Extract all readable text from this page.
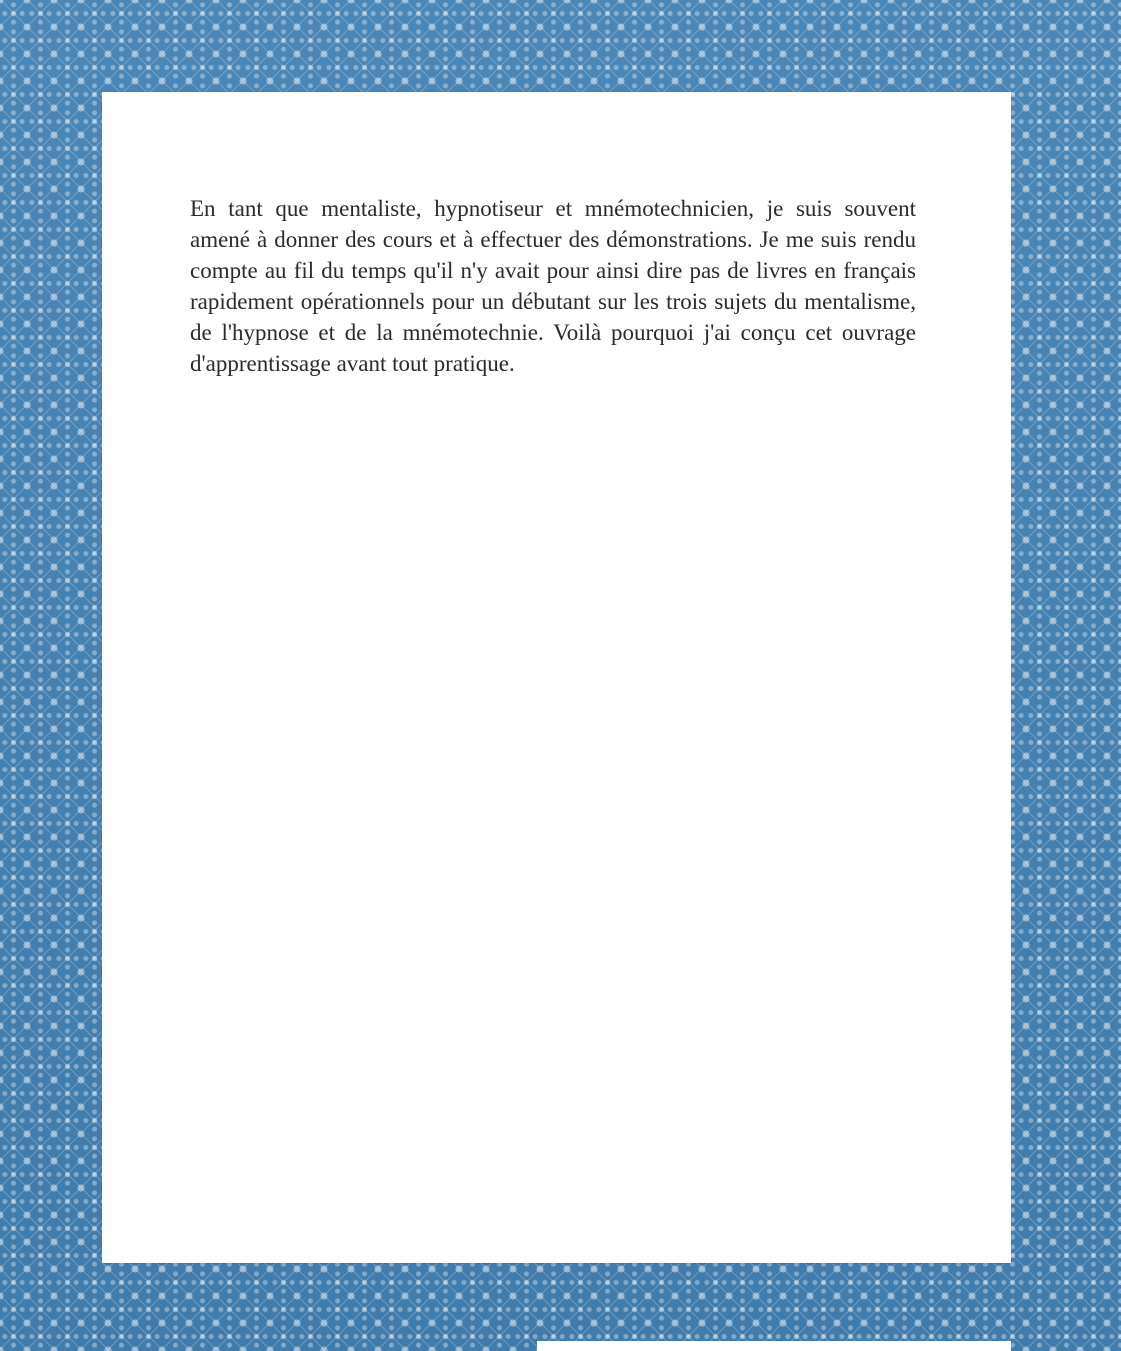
En tant que mentaliste, hypnotiseur et mnémotechnicien, je suis souvent amené à donner des cours et à effectuer des démonstrations. Je me suis rendu compte au fil du temps qu'il n'y avait pour ainsi dire pas de livres en français rapidement opérationnels pour un débutant sur les trois sujets du mentalisme, de l'hypnose et de la mnémotechnie. Voilà pourquoi j'ai conçu cet ouvrage d'apprentissage avant tout pratique.
